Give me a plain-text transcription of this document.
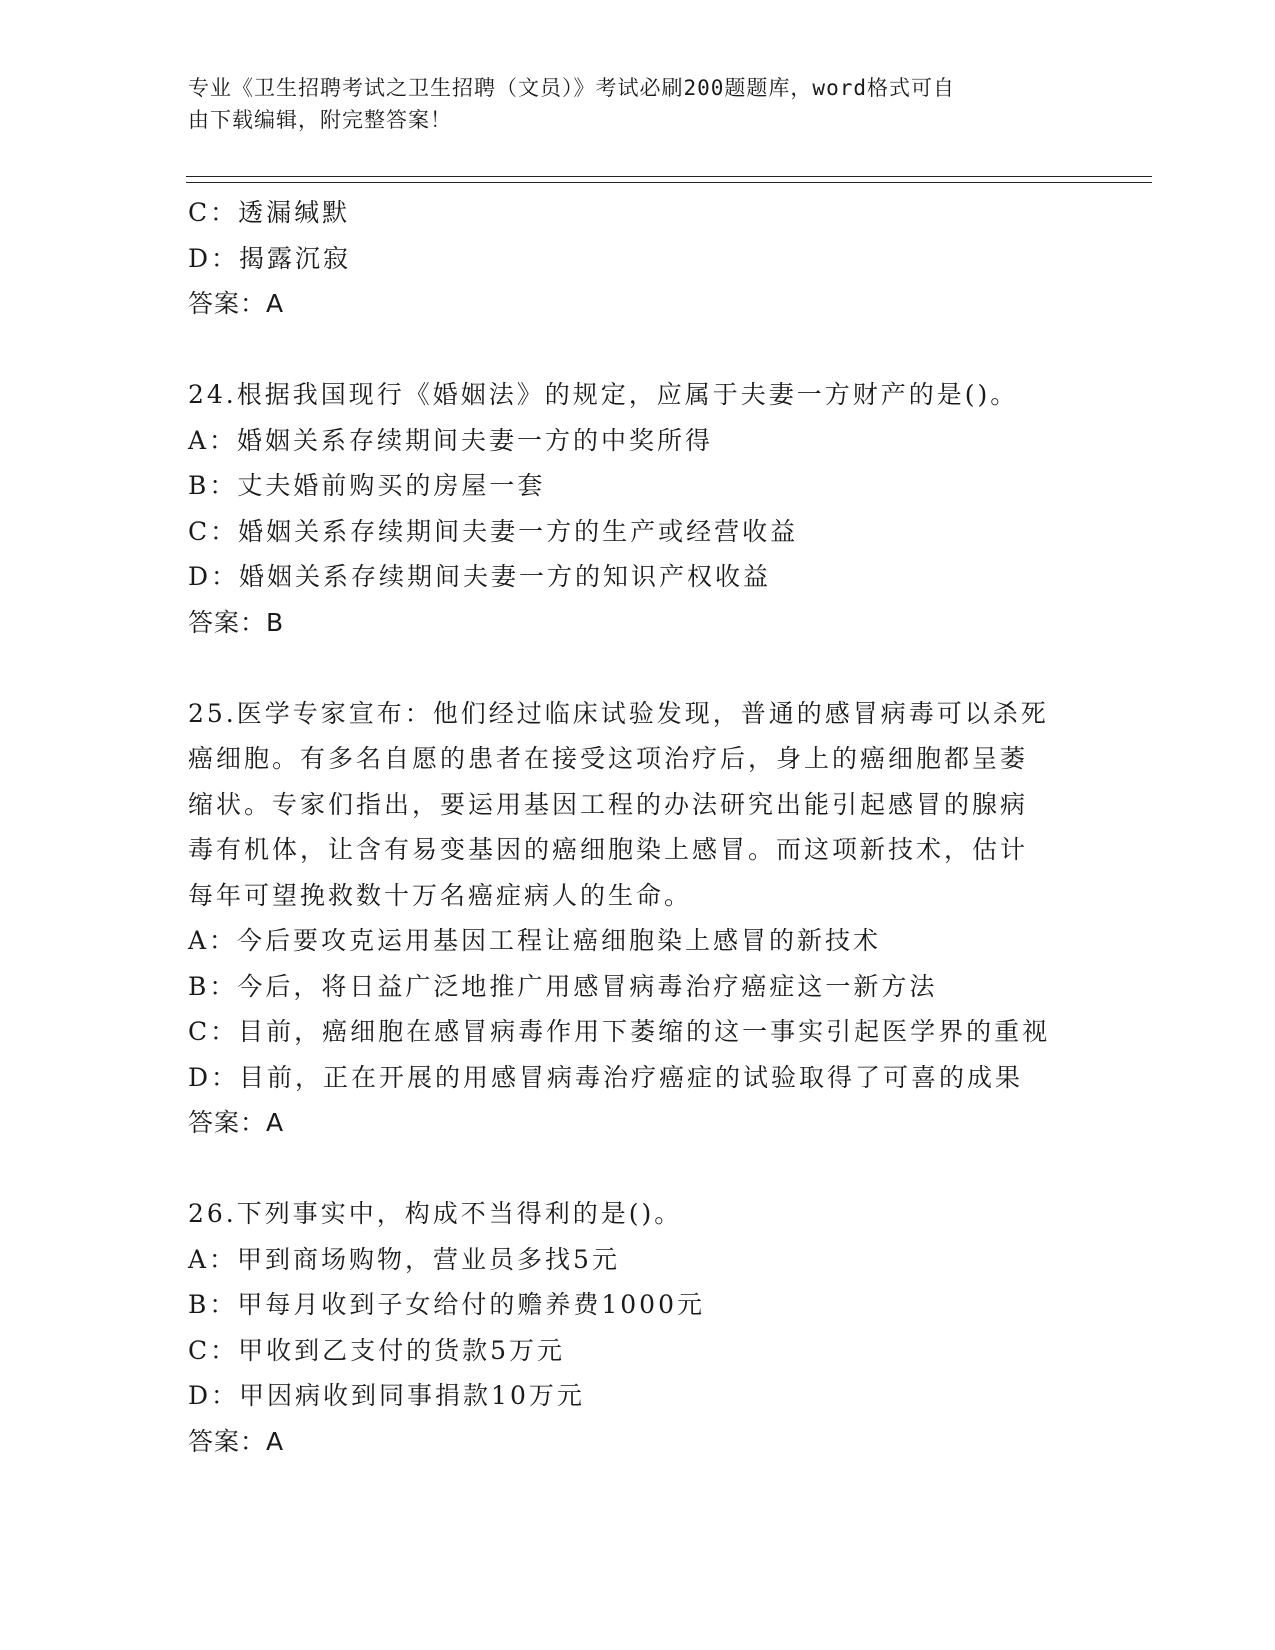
专业《卫生招聘考试之卫生招聘（文员）》考试必刷200题题库，word格式可自
由下载编辑，附完整答案！
C：透漏缄默
D：揭露沉寂
答案：A
24.根据我国现行《婚姻法》的规定，应属于夫妻一方财产的是()。
A：婚姻关系存续期间夫妻一方的中奖所得
B：丈夫婚前购买的房屋一套
C：婚姻关系存续期间夫妻一方的生产或经营收益
D：婚姻关系存续期间夫妻一方的知识产权收益
答案：B
25.医学专家宣布：他们经过临床试验发现，普通的感冒病毒可以杀死
癌细胞。有多名自愿的患者在接受这项治疗后，身上的癌细胞都呈萎
缩状。专家们指出，要运用基因工程的办法研究出能引起感冒的腺病
毒有机体，让含有易变基因的癌细胞染上感冒。而这项新技术，估计
每年可望挽救数十万名癌症病人的生命。
A：今后要攻克运用基因工程让癌细胞染上感冒的新技术
B：今后，将日益广泛地推广用感冒病毒治疗癌症这一新方法
C：目前，癌细胞在感冒病毒作用下萎缩的这一事实引起医学界的重视
D：目前，正在开展的用感冒病毒治疗癌症的试验取得了可喜的成果
答案：A
26.下列事实中，构成不当得利的是()。
A：甲到商场购物，营业员多找5元
B：甲每月收到子女给付的赡养费1000元
C：甲收到乙支付的货款5万元
D：甲因病收到同事捐款10万元
答案：A
